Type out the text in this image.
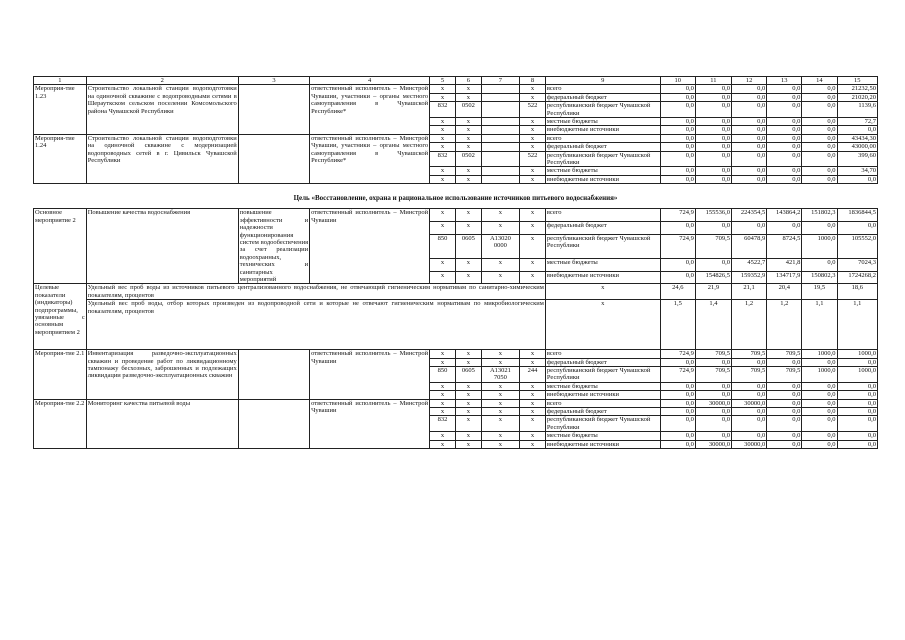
1	2	3	4	5	6	7	8	9	10	11	12	13	14	15
Мероприя-тие 1.23	Строительство локальной станции водоподготовки на одиночной скважине с водопроводными сетями в Шерауткском сельском поселении Комсомольского района Чувашской Республики		ответственный исполнитель – Минстрой Чувашии, участники – органы местного самоуправления в Чувашской Республике*	x	x		x	всего	0,0	0,0	0,0	0,0	0,0	21232,50
				x	x		x	федеральный бюджет	0,0	0,0	0,0	0,0	0,0	21020,20
				832	0502		522	республиканский бюджет Чувашской Республики	0,0	0,0	0,0	0,0	0,0	1139,6
				x	x		x	местные бюджеты	0,0	0,0	0,0	0,0	0,0	72,7
				x	x		x	внебюджетные источники	0,0	0,0	0,0	0,0	0,0	0,0
Мероприя-тие 1.24	Строительство локальной станции водоподготовки на одиночной скважине с модернизацией водопроводных сетей в г. Цивильск Чувашской Республики		ответственный исполнитель – Минстрой Чувашии, участники – органы местного самоуправления в Чувашской Республике*	x	x		x	всего	0,0	0,0	0,0	0,0	0,0	43434,30
				x	x		x	федеральный бюджет	0,0	0,0	0,0	0,0	0,0	43000,00
				832	0502		522	республиканский бюджет Чувашской Республики	0,0	0,0	0,0	0,0	0,0	399,60
				x	x		x	местные бюджеты	0,0	0,0	0,0	0,0	0,0	34,70
				x	x		x	внебюджетные источники	0,0	0,0	0,0	0,0	0,0	0,0
Цель «Восстановление, охрана и рациональное использование источников питьевого водоснабжения»														
Основное мероприятие 2	Повышение качества водоснабжения	повышение эффективности и надежности функционирования систем водообеспечения за счет реализации водоохранных, технических и санитарных мероприятий	ответственный исполнитель – Минстрой Чувашии	x	x	x	x	всего	724,9	155536,0	224354,5	143864,2	151802,3	1836844,5
				x	x	x	x	федеральный бюджет	0,0	0,0	0,0	0,0	0,0	0,0
				850	0605	A13020 0000	x	республиканский бюджет Чувашской Республики	724,9	709,5	60478,9	8724,5	1000,0	105552,0
				x	x	x	x	местные бюджеты	0,0	0,0	4522,7	421,8	0,0	7024,3
				x	x	x	x	внебюджетные источники	0,0	154826,5	159352,9	134717,9	150802,3	1724268,2
Целевые показатели (индикаторы) подпрограммы, увязанные с основным мероприятием 2	Удельный вес проб воды из источников питьевого централизованного водоснабжения, не отвечающий гигиеническим нормативам по санитарно-химическим показателям, процентов							x	24,6	21,9	21,1	20,4	19,5	18,6
	Удельный вес проб воды, отбор которых произведен из водопроводной сети и которые не отвечают гигиеническим нормативам по микробиологическим показателям, процентов							x	1,5	1,4	1,2	1,2	1,1	1,1
Мероприя-тие 2.1	Инвентаризация разведочно-эксплуатационных скважин и проведение работ по ликвидационному тампонажу бесхозных, заброшенных и подлежащих ликвидации разведочно-эксплуатационных скважин		ответственный исполнитель – Минстрой Чувашии	x	x	x	x	всего	724,9	709,5	709,5	709,5	1000,0	1000,0
				x	x	x	x	федеральный бюджет	0,0	0,0	0,0	0,0	0,0	0,0
				850	0605	A13021 7050	244	республиканский бюджет Чувашской Республики	724,9	709,5	709,5	709,5	1000,0	1000,0
				x	x	x	x	местные бюджеты	0,0	0,0	0,0	0,0	0,0	0,0
				x	x	x	x	внебюджетные источники	0,0	0,0	0,0	0,0	0,0	0,0
Мероприя-тие 2.2	Мониторинг качества питьевой воды		ответственный исполнитель – Минстрой Чувашии	x	x	x	x	всего	0,0	30000,0	30000,0	0,0	0,0	0,0
				x	x	x	x	федеральный бюджет	0,0	0,0	0,0	0,0	0,0	0,0
				832	x	x	x	республиканский бюджет Чувашской Республики	0,0	0,0	0,0	0,0	0,0	0,0
				x	x	x	x	местные бюджеты	0,0	0,0	0,0	0,0	0,0	0,0
				x	x	x	x	внебюджетные источники	0,0	30000,0	30000,0	0,0	0,0	0,0
